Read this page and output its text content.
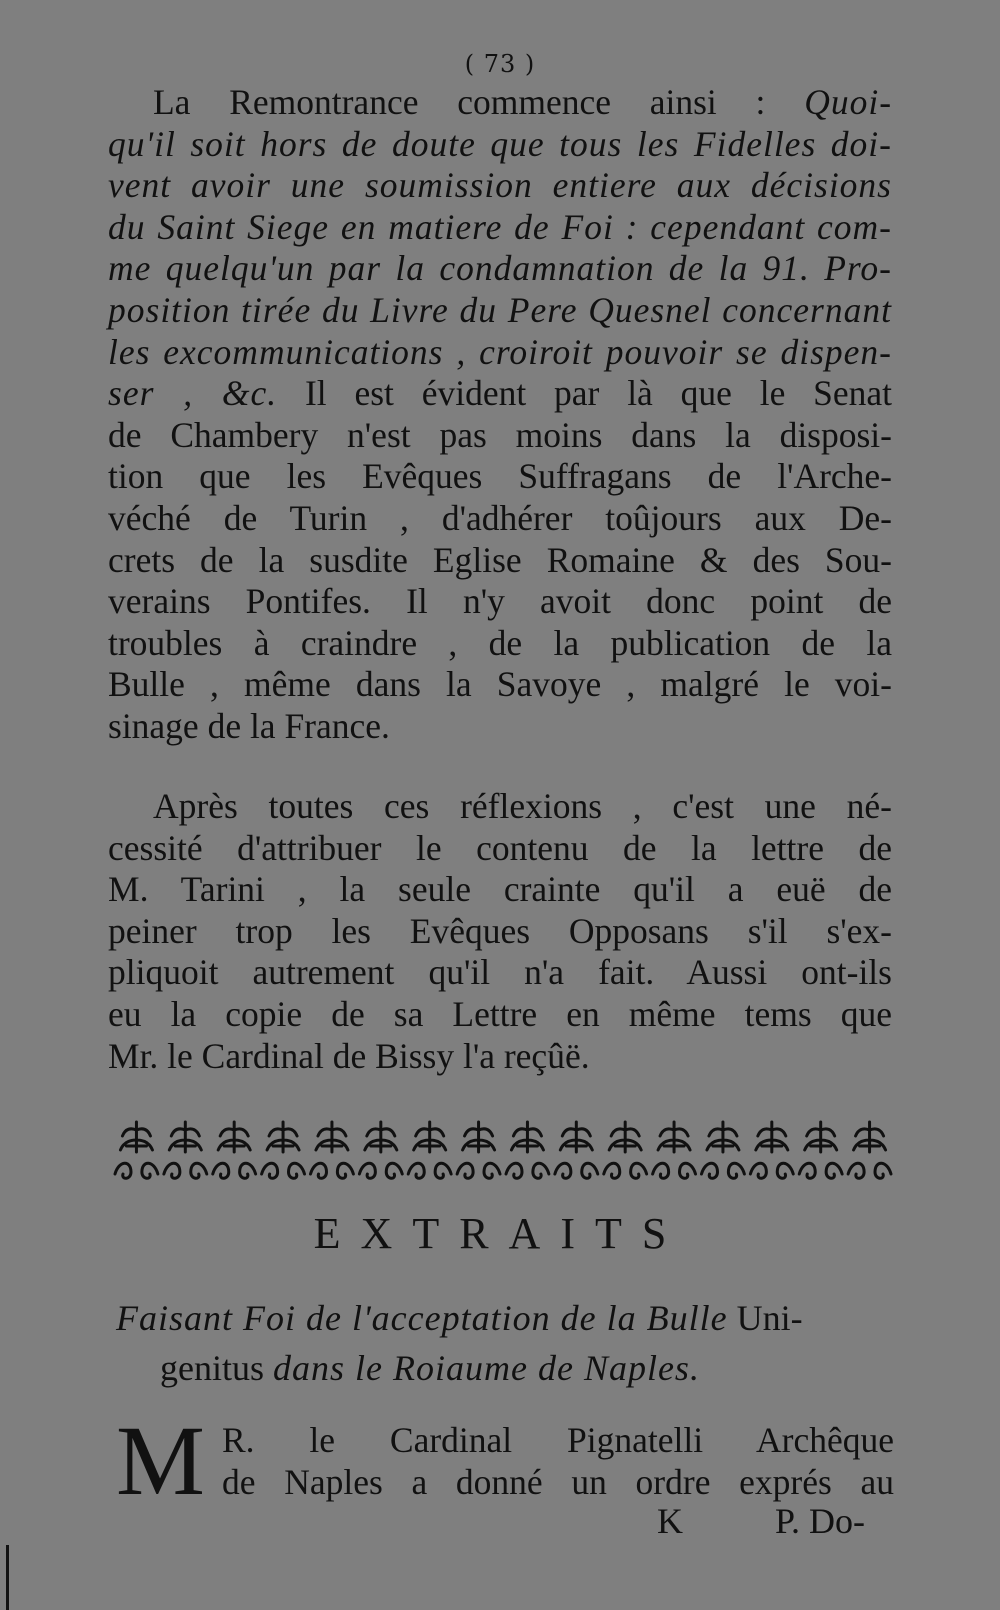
( 73 )
La Remontrance commence ainsi : Quoi-
qu'il soit hors de doute que tous les Fidelles doi-
vent avoir une soumission entiere aux décisions
du Saint Siege en matiere de Foi : cependant com-
me quelqu'un par la condamnation de la 91. Pro-
position tirée du Livre du Pere Quesnel concernant
les excommunications , croiroit pouvoir se dispen-
ser , &c. Il est évident par là que le Senat
de Chambery n'est pas moins dans la disposi-
tion que les Evêques Suffragans de l'Arche-
véché de Turin , d'adhérer toûjours aux De-
crets de la susdite Eglise Romaine & des Sou-
verains Pontifes. Il n'y avoit donc point de
troubles à craindre , de la publication de la
Bulle , même dans la Savoye , malgré le voi-
sinage de la France.
Après toutes ces réflexions , c'est une né-
cessité d'attribuer le contenu de la lettre de
M. Tarini , la seule crainte qu'il a euë de
peiner trop les Evêques Opposans s'il s'ex-
pliquoit autrement qu'il n'a fait. Aussi ont-ils
eu la copie de sa Lettre en même tems que
Mr. le Cardinal de Bissy l'a reçûë.
EXTRAITS
Faisant Foi de l'acceptation de la Bulle Uni-
genitus dans le Roiaume de Naples.
M R. le Cardinal Pignatelli Archêque
de Naples a donné un ordre exprés au
K	P. Do-
